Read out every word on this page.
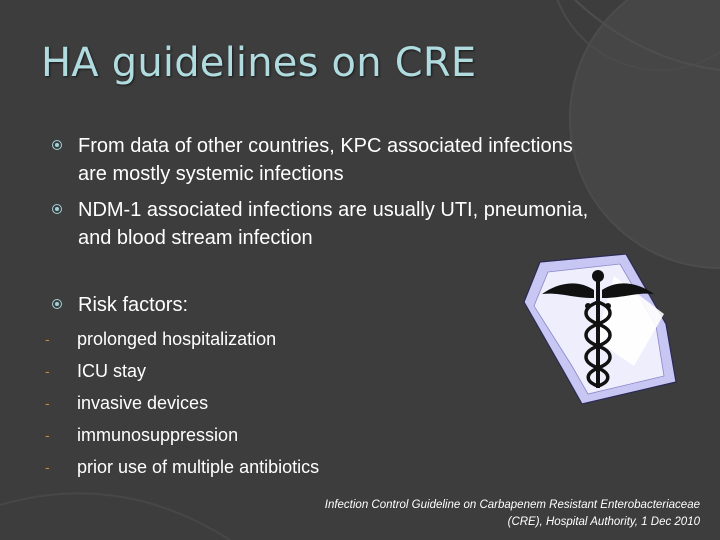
HA guidelines on CRE
From data of other countries, KPC associated infections are mostly systemic infections
NDM-1 associated infections are usually UTI, pneumonia, and blood stream infection
Risk factors:
- prolonged hospitalization
- ICU stay
- invasive devices
- immunosuppression
- prior use of multiple antibiotics
Infection Control Guideline on Carbapenem Resistant Enterobacteriaceae
(CRE), Hospital Authority, 1 Dec 2010
